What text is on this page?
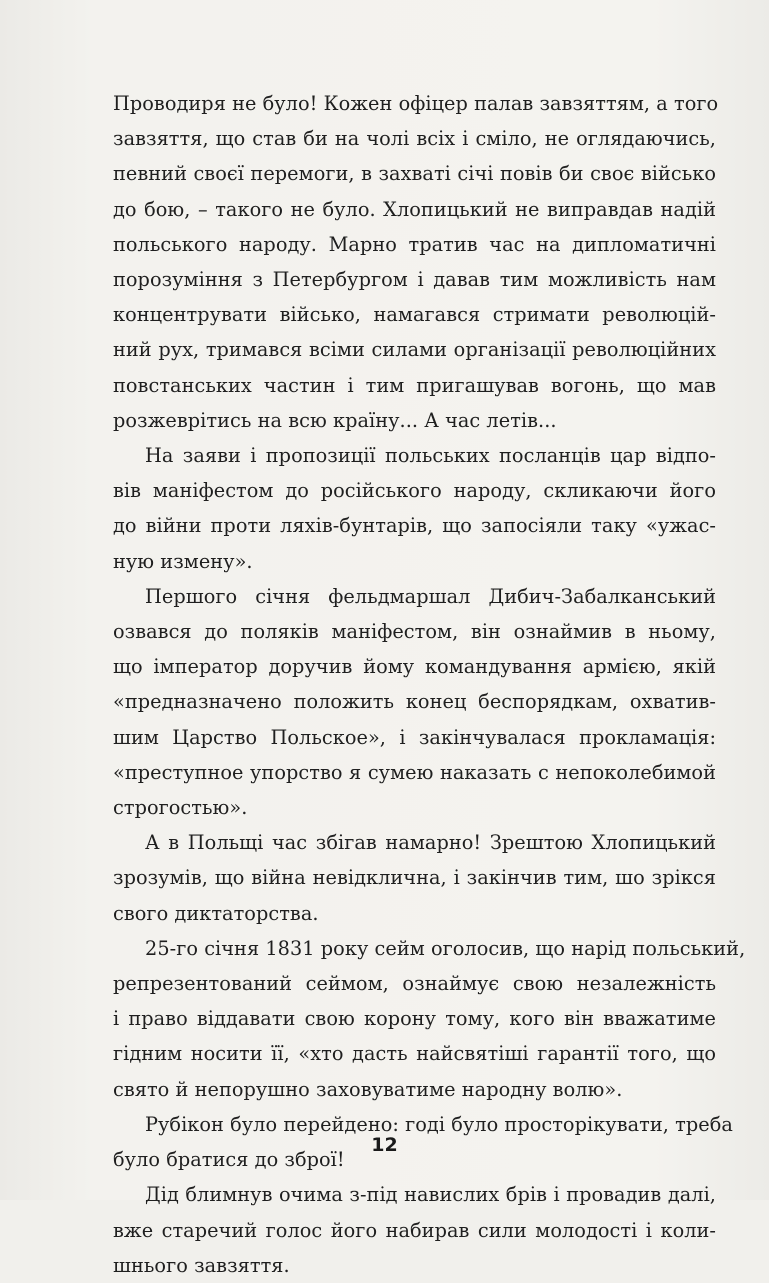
Проводиря не було! Кожен офіцер палав завзяттям, а того
завзяття, що став би на чолі всіх і сміло, не оглядаючись,
певний своєї перемоги, в захваті січі повів би своє військо
до бою, – такого не було. Хлопицький не виправдав надій
польського народу. Марно тратив час на дипломатичні
порозуміння з Петербургом і давав тим можливість нам
концентрувати військо, намагався стримати революцій-
ний рух, тримався всіми силами організації революційних
повстанських частин і тим пригашував вогонь, що мав
розжеврітись на всю країну... А час летів...

На заяви і пропозиції польських посланців цар відпо-
вів маніфестом до російського народу, скликаючи його
до війни проти ляхів-бунтарів, що запосіяли таку «ужас-
ную измену».

Першого січня фельдмаршал Дибич-Забалканський
озвався до поляків маніфестом, він ознаймив в ньому,
що імператор доручив йому командування армією, якій
«предназначено положить конец беспорядкам, охватив-
шим Царство Польское», і закінчувалася прокламація:
«преступное упорство я сумею наказать с непоколебимой
строгостью».

А в Польщі час збігав намарно! Зрештою Хлопицький
зрозумів, що війна невідклична, і закінчив тим, шо зрікся
свого диктаторства.

25-го січня 1831 року сейм оголосив, що нарід польський,
репрезентований сеймом, ознаймує свою незалежність
і право віддавати свою корону тому, кого він вважатиме
гідним носити її, «хто дасть найсвятіші гарантії того, що
свято й непорушно заховуватиме народну волю».

Рубікон було перейдено: годі було просторікувати, треба
було братися до зброї!

Дід блимнув очима з-під навислих брів і провадив далі,
вже старечий голос його набирав сили молодості і коли-
шнього завзяття.

12
